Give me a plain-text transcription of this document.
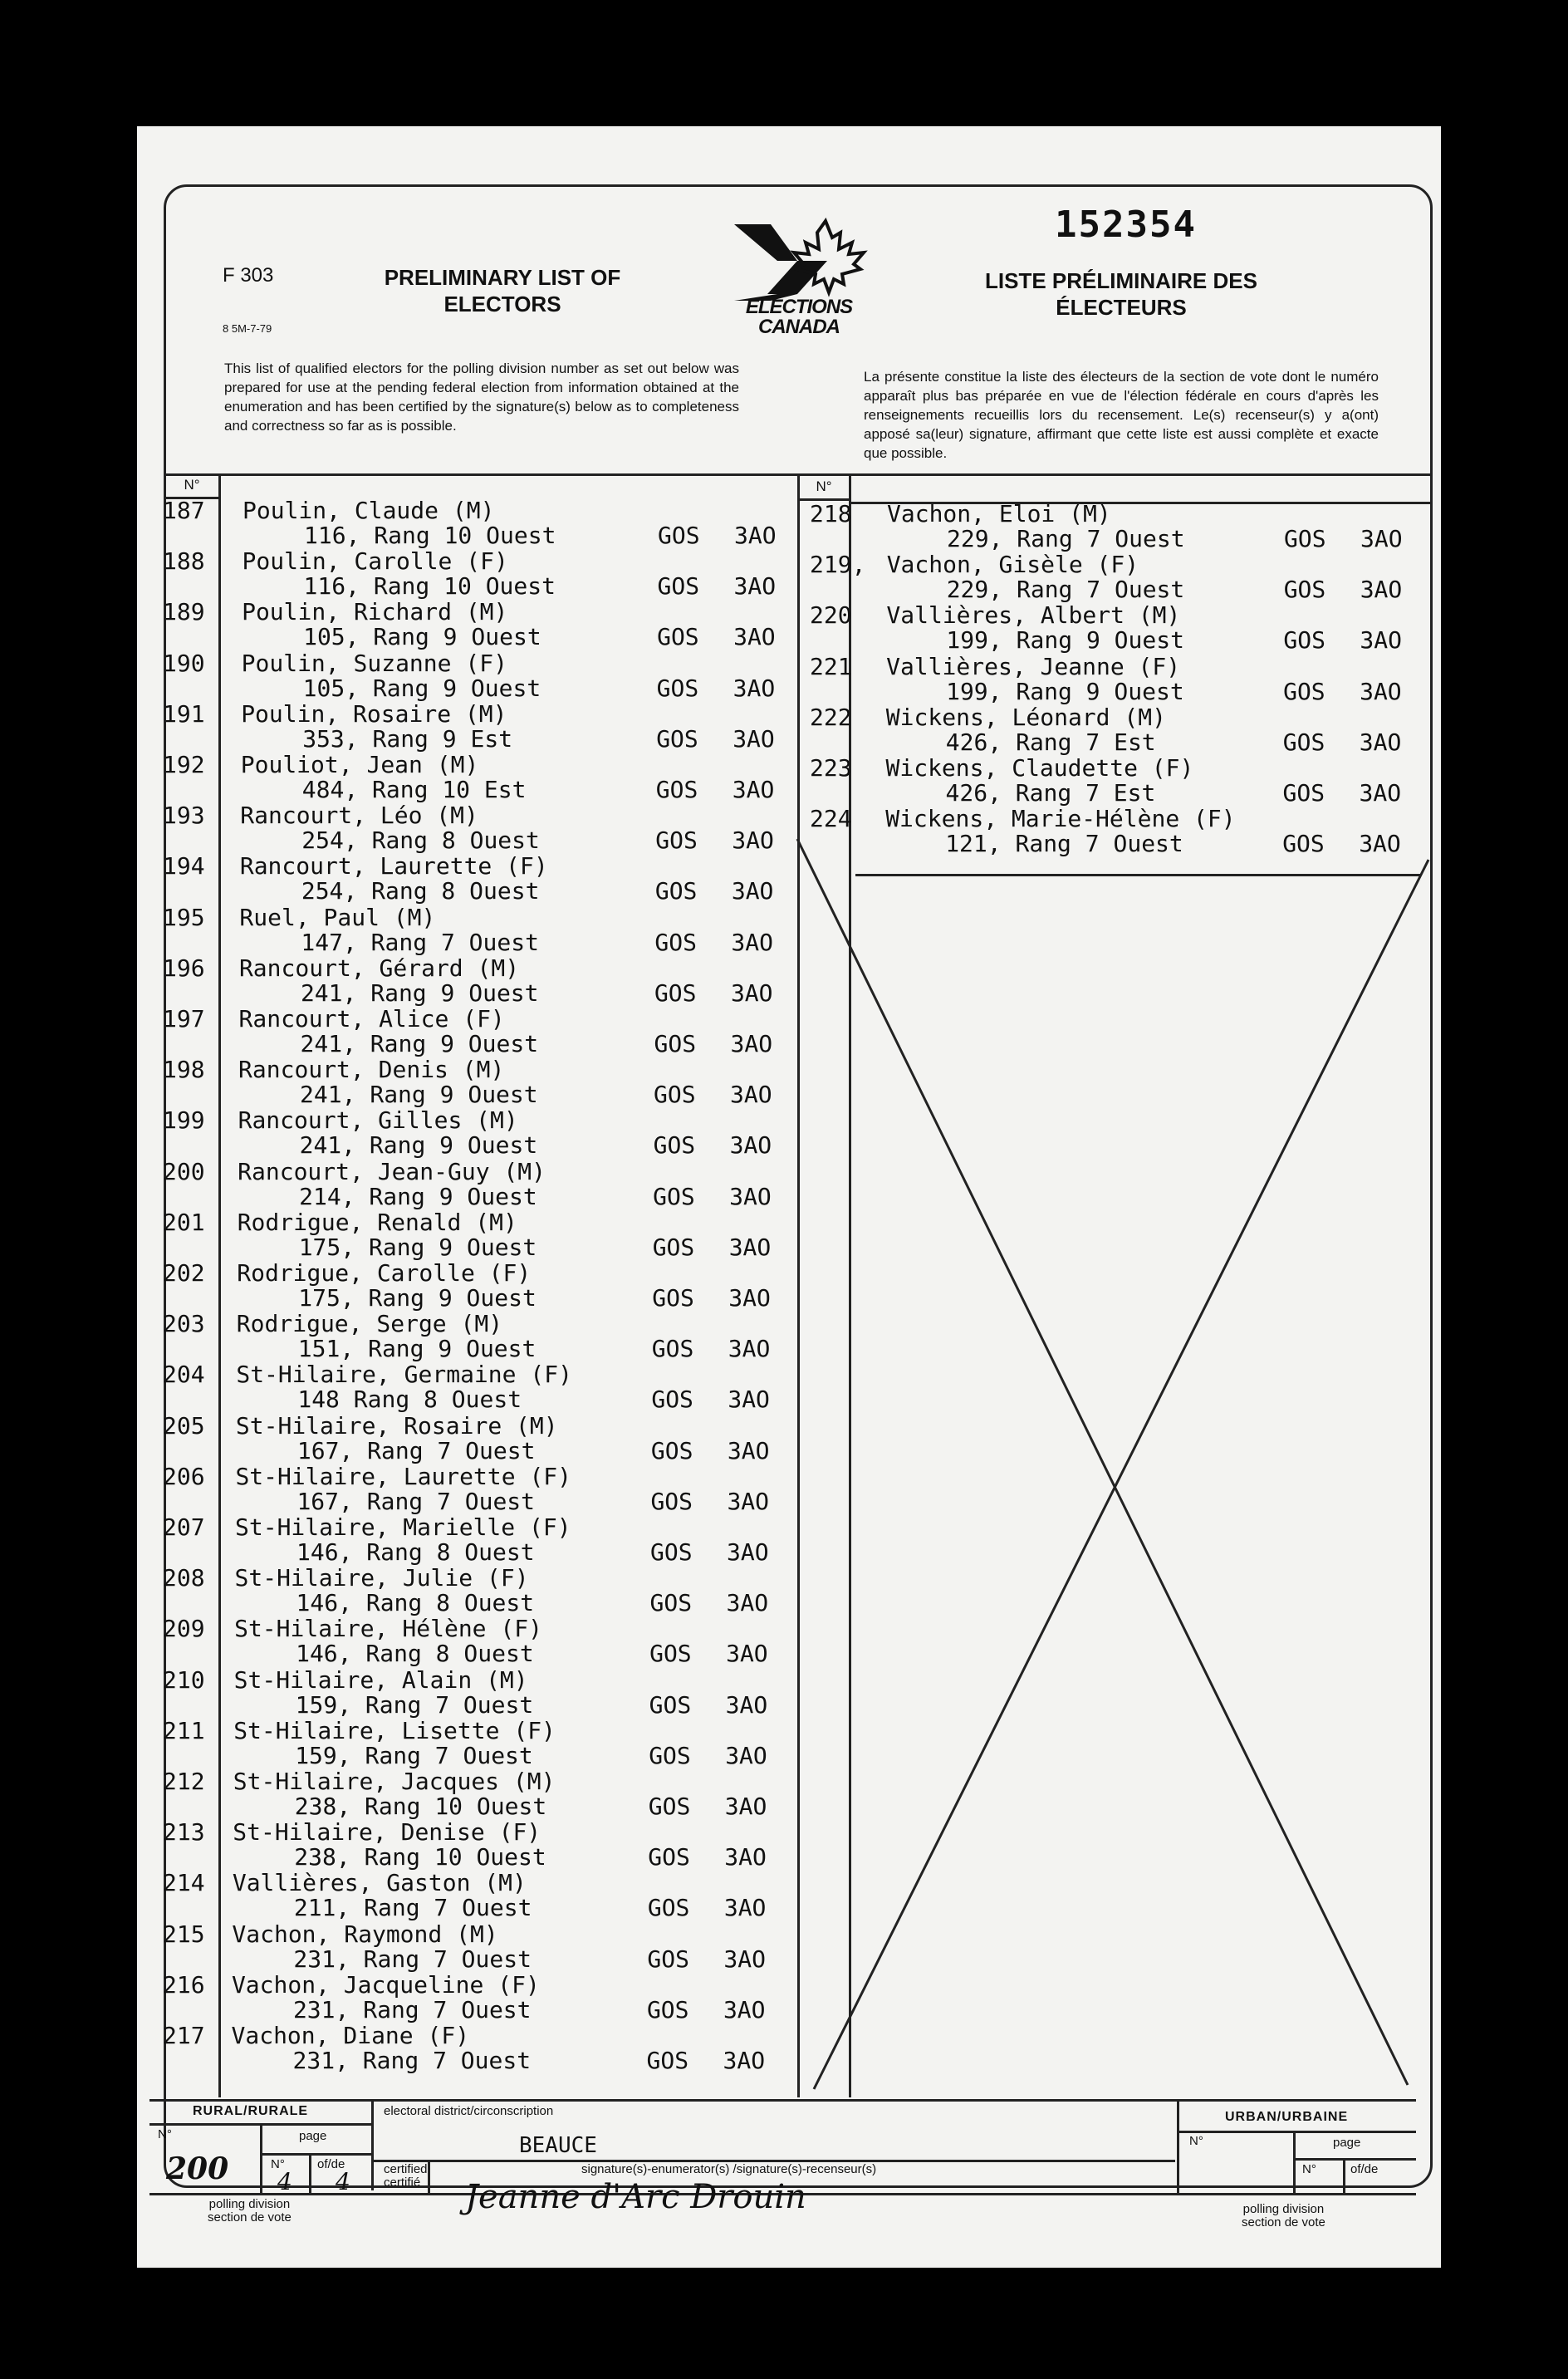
F 303
8 5M-7-79
PRELIMINARY LIST OF ELECTORS
LISTE PRÉLIMINAIRE DES ÉLECTEURS
152354
ELECTIONS CANADA
This list of qualified electors for the polling division number as set out below was prepared for use at the pending federal election from information obtained at the enumeration and has been certified by the signature(s) below as to completeness and correctness so far as is possible.
La présente constitue la liste des électeurs de la section de vote dont le numéro apparaît plus bas préparée en vue de l'élection fédérale en cours d'après les renseignements recueillis lors du recensement. Le(s) recenseur(s) y a(ont) apposé sa(leur) signature, affirmant que cette liste est aussi complète et exacte que possible.
N°	N°
187 Poulin, Claude (M)
116, Rang 10 Ouest	GOS 3AO
188 Poulin, Carolle (F)
116, Rang 10 Ouest	GOS 3AO
189 Poulin, Richard (M)
105, Rang 9 Ouest	GOS 3AO
190 Poulin, Suzanne (F)
105, Rang 9 Ouest	GOS 3AO
191 Poulin, Rosaire (M)
353, Rang 9 Est	GOS 3AO
192 Pouliot, Jean (M)
484, Rang 10 Est	GOS 3AO
193 Rancourt, Léo (M)
254, Rang 8 Ouest	GOS 3AO
194 Rancourt, Laurette (F)
254, Rang 8 Ouest	GOS 3AO
195 Ruel, Paul (M)
147, Rang 7 Ouest	GOS 3AO
196 Rancourt, Gérard (M)
241, Rang 9 Ouest	GOS 3AO
197 Rancourt, Alice (F)
241, Rang 9 Ouest	GOS 3AO
198 Rancourt, Denis (M)
241, Rang 9 Ouest	GOS 3AO
199 Rancourt, Gilles (M)
241, Rang 9 Ouest	GOS 3AO
200 Rancourt, Jean-Guy (M)
214, Rang 9 Ouest	GOS 3AO
201 Rodrigue, Renald (M)
175, Rang 9 Ouest	GOS 3AO
202 Rodrigue, Carolle (F)
175, Rang 9 Ouest	GOS 3AO
203 Rodrigue, Serge (M)
151, Rang 9 Ouest	GOS 3AO
204 St-Hilaire, Germaine (F)
148 Rang 8 Ouest	GOS 3AO
205 St-Hilaire, Rosaire (M)
167, Rang 7 Ouest	GOS 3AO
206 St-Hilaire, Laurette (F)
167, Rang 7 Ouest	GOS 3AO
207 St-Hilaire, Marielle (F)
146, Rang 8 Ouest	GOS 3AO
208 St-Hilaire, Julie (F)
146, Rang 8 Ouest	GOS 3AO
209 St-Hilaire, Hélène (F)
146, Rang 8 Ouest	GOS 3AO
210 St-Hilaire, Alain (M)
159, Rang 7 Ouest	GOS 3AO
211 St-Hilaire, Lisette (F)
159, Rang 7 Ouest	GOS 3AO
212 St-Hilaire, Jacques (M)
238, Rang 10 Ouest	GOS 3AO
213 St-Hilaire, Denise (F)
238, Rang 10 Ouest	GOS 3AO
214 Vallières, Gaston (M)
211, Rang 7 Ouest	GOS 3AO
215 Vachon, Raymond (M)
231, Rang 7 Ouest	GOS 3AO
216 Vachon, Jacqueline (F)
231, Rang 7 Ouest	GOS 3AO
217 Vachon, Diane (F)
231, Rang 7 Ouest	GOS 3AO
218 Vachon, Eloi (M)
229, Rang 7 Ouest	GOS 3AO
219, Vachon, Gisèle (F)
229, Rang 7 Ouest	GOS 3AO
220 Vallières, Albert (M)
199, Rang 9 Ouest	GOS 3AO
221 Vallières, Jeanne (F)
199, Rang 9 Ouest	GOS 3AO
222 Wickens, Léonard (M)
426, Rang 7 Est	GOS 3AO
223 Wickens, Claudette (F)
426, Rang 7 Est	GOS 3AO
224 Wickens, Marie-Hélène (F)
121, Rang 7 Ouest	GOS 3AO
RURAL/RURALE	URBAN/URBAINE
N°	page
N°	of/de
polling division
section de vote
electoral district/circonscription
certified
certifié
signature(s)-enumerator(s) /signature(s)-recenseur(s)
N°	page
N°	of/de
polling division
section de vote
200 4 4
BEAUCE
Jeanne d'Arc Drouin
